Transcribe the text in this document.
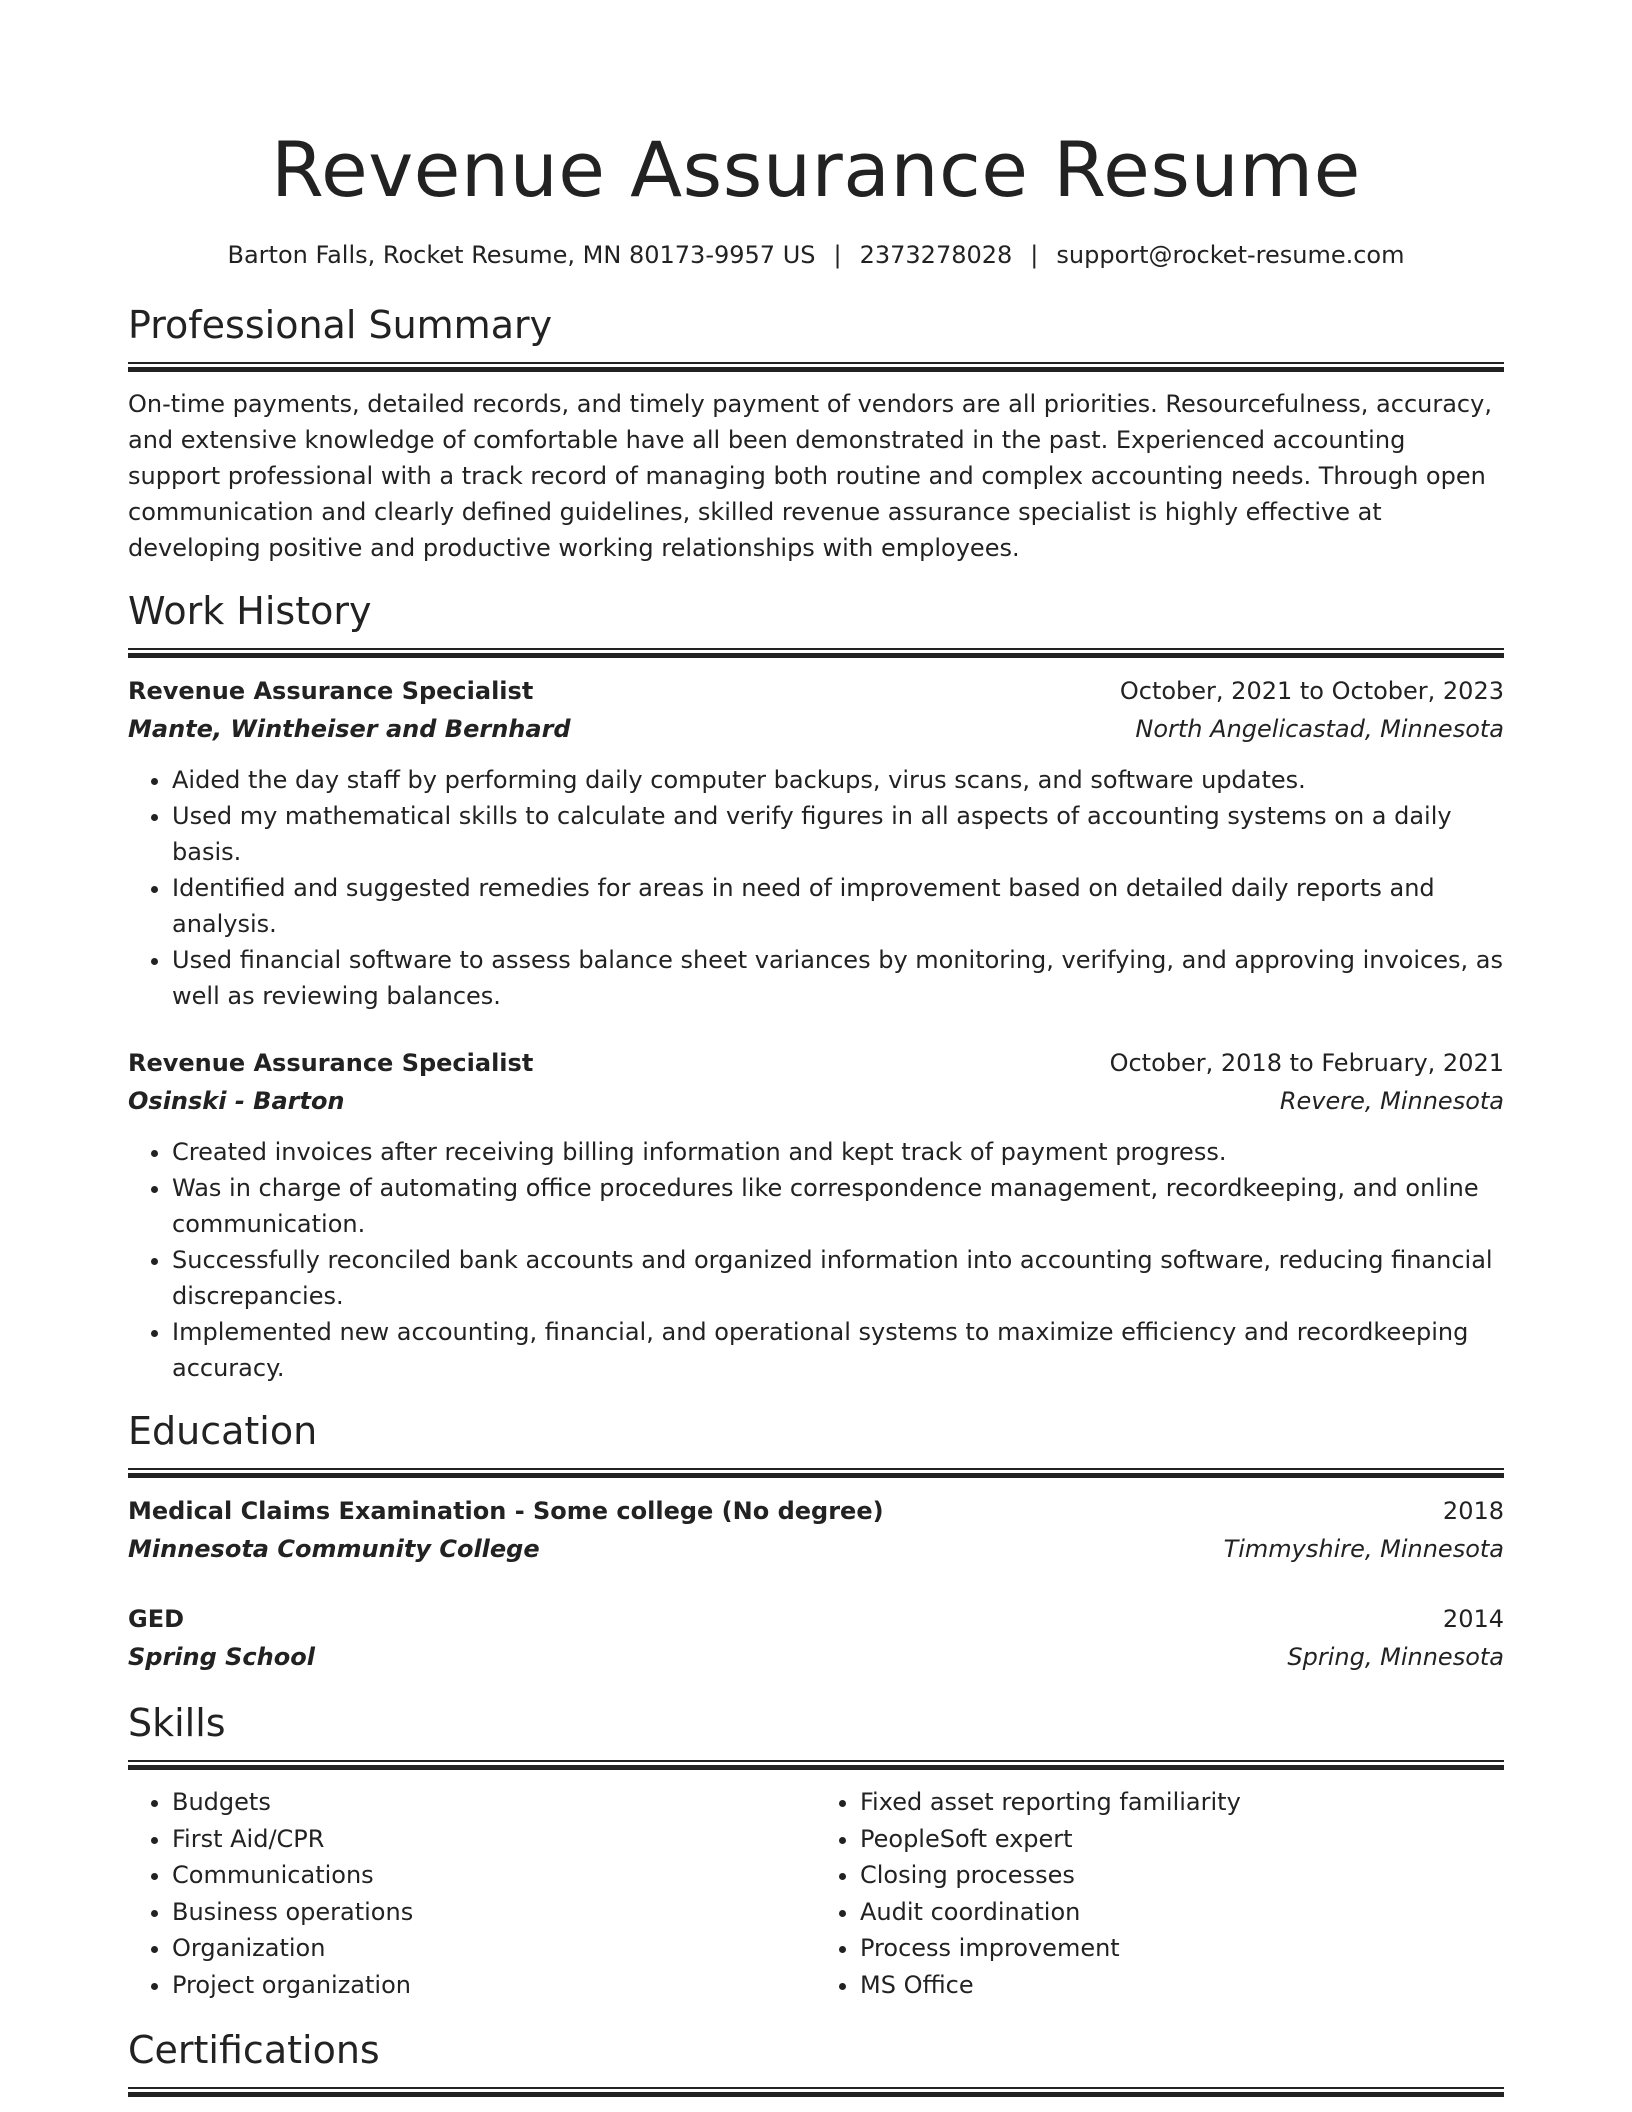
Revenue Assurance Resume
Barton Falls, Rocket Resume, MN 80173-9957 US | 2373278028 | support@rocket-resume.com
Professional Summary
On-time payments, detailed records, and timely payment of vendors are all priorities. Resourcefulness, accuracy, and extensive knowledge of comfortable have all been demonstrated in the past. Experienced accounting support professional with a track record of managing both routine and complex accounting needs. Through open communication and clearly defined guidelines, skilled revenue assurance specialist is highly effective at developing positive and productive working relationships with employees.
Work History
Revenue Assurance Specialist	October, 2021 to October, 2023
Mante, Wintheiser and Bernhard	North Angelicastad, Minnesota
• Aided the day staff by performing daily computer backups, virus scans, and software updates.
• Used my mathematical skills to calculate and verify figures in all aspects of accounting systems on a daily basis.
• Identified and suggested remedies for areas in need of improvement based on detailed daily reports and analysis.
• Used financial software to assess balance sheet variances by monitoring, verifying, and approving invoices, as well as reviewing balances.
Revenue Assurance Specialist	October, 2018 to February, 2021
Osinski - Barton	Revere, Minnesota
• Created invoices after receiving billing information and kept track of payment progress.
• Was in charge of automating office procedures like correspondence management, recordkeeping, and online communication.
• Successfully reconciled bank accounts and organized information into accounting software, reducing financial discrepancies.
• Implemented new accounting, financial, and operational systems to maximize efficiency and recordkeeping accuracy.
Education
Medical Claims Examination - Some college (No degree)	2018
Minnesota Community College	Timmyshire, Minnesota
GED	2014
Spring School	Spring, Minnesota
Skills
• Budgets
• First Aid/CPR
• Communications
• Business operations
• Organization
• Project organization
• Fixed asset reporting familiarity
• PeopleSoft expert
• Closing processes
• Audit coordination
• Process improvement
• MS Office
Certifications
